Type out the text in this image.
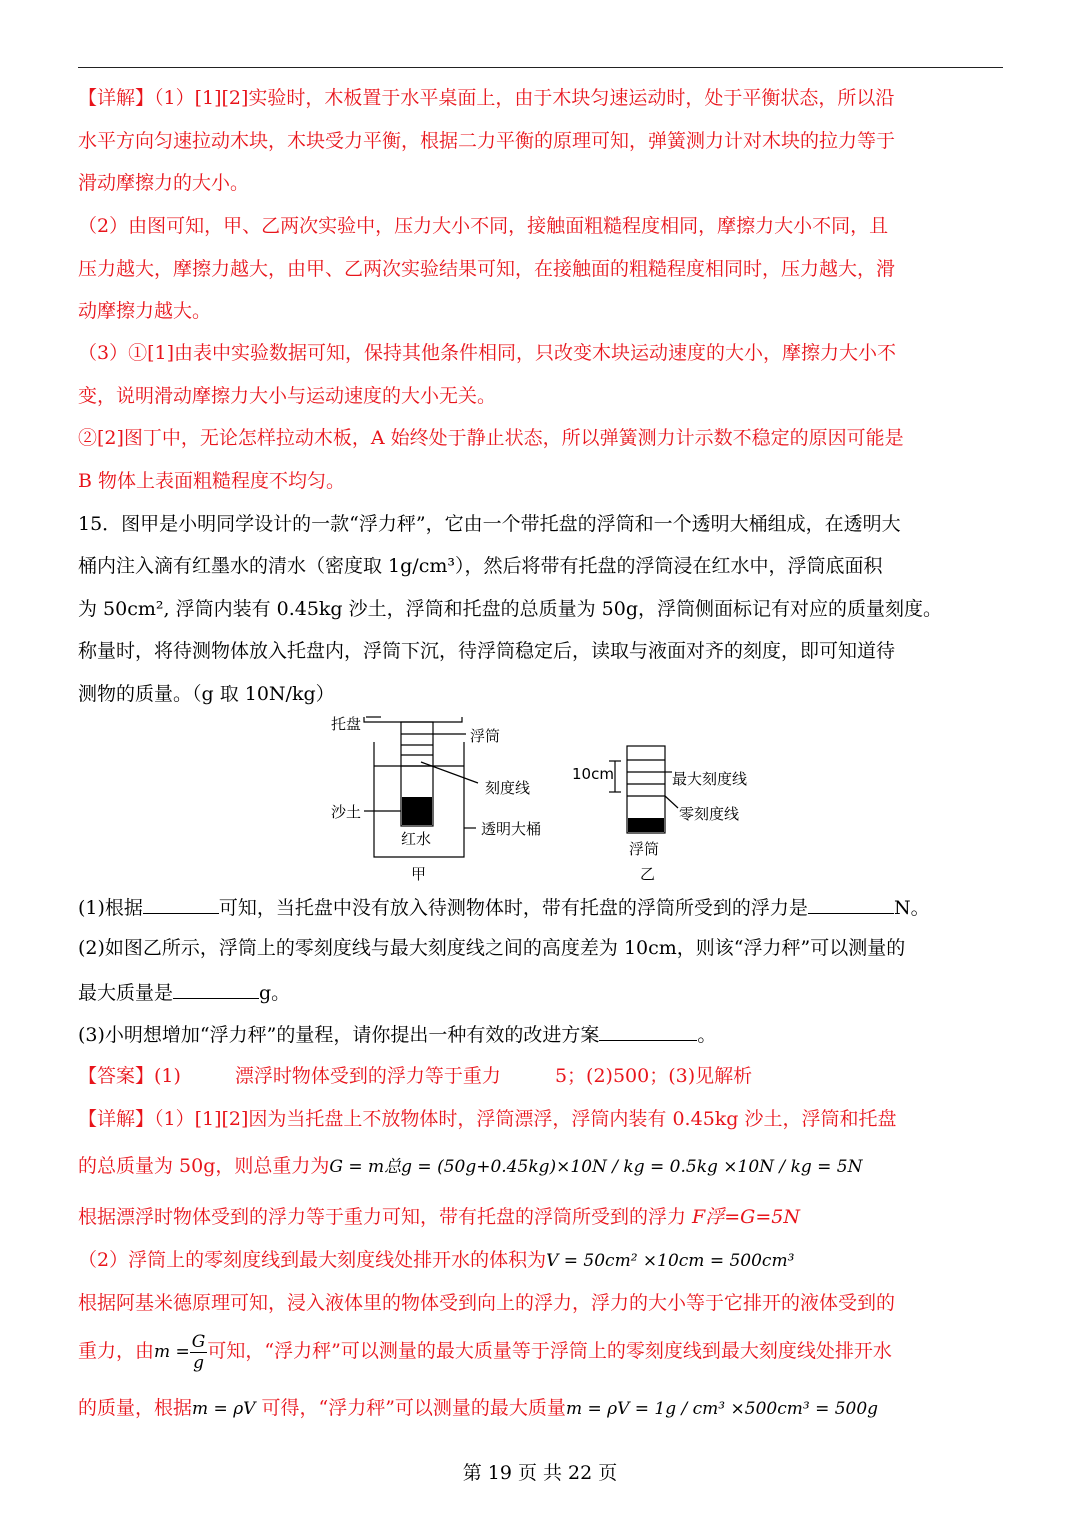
【详解】（1）[1][2]实验时，木板置于水平桌面上，由于木块匀速运动时，处于平衡状态，所以沿
水平方向匀速拉动木块，木块受力平衡，根据二力平衡的原理可知，弹簧测力计对木块的拉力等于
滑动摩擦力的大小。
（2）由图可知，甲、乙两次实验中，压力大小不同，接触面粗糙程度相同，摩擦力大小不同，且
压力越大，摩擦力越大，由甲、乙两次实验结果可知，在接触面的粗糙程度相同时，压力越大，滑
动摩擦力越大。
（3）①[1]由表中实验数据可知，保持其他条件相同，只改变木块运动速度的大小，摩擦力大小不
变，说明滑动摩擦力大小与运动速度的大小无关。
②[2]图丁中，无论怎样拉动木板，A 始终处于静止状态，所以弹簧测力计示数不稳定的原因可能是
B 物体上表面粗糙程度不均匀。
15．图甲是小明同学设计的一款“浮力秤”，它由一个带托盘的浮筒和一个透明大桶组成，在透明大
桶内注入滴有红墨水的清水（密度取 1g/cm³），然后将带有托盘的浮筒浸在红水中，浮筒底面积
为 50cm², 浮筒内装有 0.45kg 沙土，浮筒和托盘的总质量为 50g，浮筒侧面标记有对应的质量刻度。
称量时，将待测物体放入托盘内，浮筒下沉，待浮筒稳定后，读取与液面对齐的刻度，即可知道待
测物的质量。（g 取 10N/kg）
托盘
浮筒
刻度线
沙土
红水
透明大桶
甲
10cm	最大刻度线
零刻度线
浮筒
乙
(1)根据	可知，当托盘中没有放入待测物体时，带有托盘的浮筒所受到的浮力是	N。
(2)如图乙所示，浮筒上的零刻度线与最大刻度线之间的高度差为 10cm，则该“浮力秤”可以测量的
最大质量是	g。
(3)小明想增加“浮力秤”的量程，请你提出一种有效的改进方案	。
【答案】(1)	漂浮时物体受到的浮力等于重力	5；(2)500；(3)见解析
【详解】（1）[1][2]因为当托盘上不放物体时，浮筒漂浮，浮筒内装有 0.45kg 沙土，浮筒和托盘
的总质量为 50g，则总重力为G = m总g = (50g+0.45kg)×10N / kg = 0.5kg ×10N / kg = 5N
根据漂浮时物体受到的浮力等于重力可知，带有托盘的浮筒所受到的浮力 F浮=G=5N
（2）浮筒上的零刻度线到最大刻度线处排开水的体积为V = 50cm² ×10cm = 500cm³
根据阿基米德原理可知，浸入液体里的物体受到向上的浮力，浮力的大小等于它排开的液体受到的
重力，由$m = \frac{G}{g}$ 可知，“浮力秤”可以测量的最大质量等于浮筒上的零刻度线到最大刻度线处排开水
的质量，根据m = ρV 可得，“浮力秤”可以测量的最大质量m = ρV = 1g / cm³ ×500cm³ = 500g
第 19 页 共 22 页
